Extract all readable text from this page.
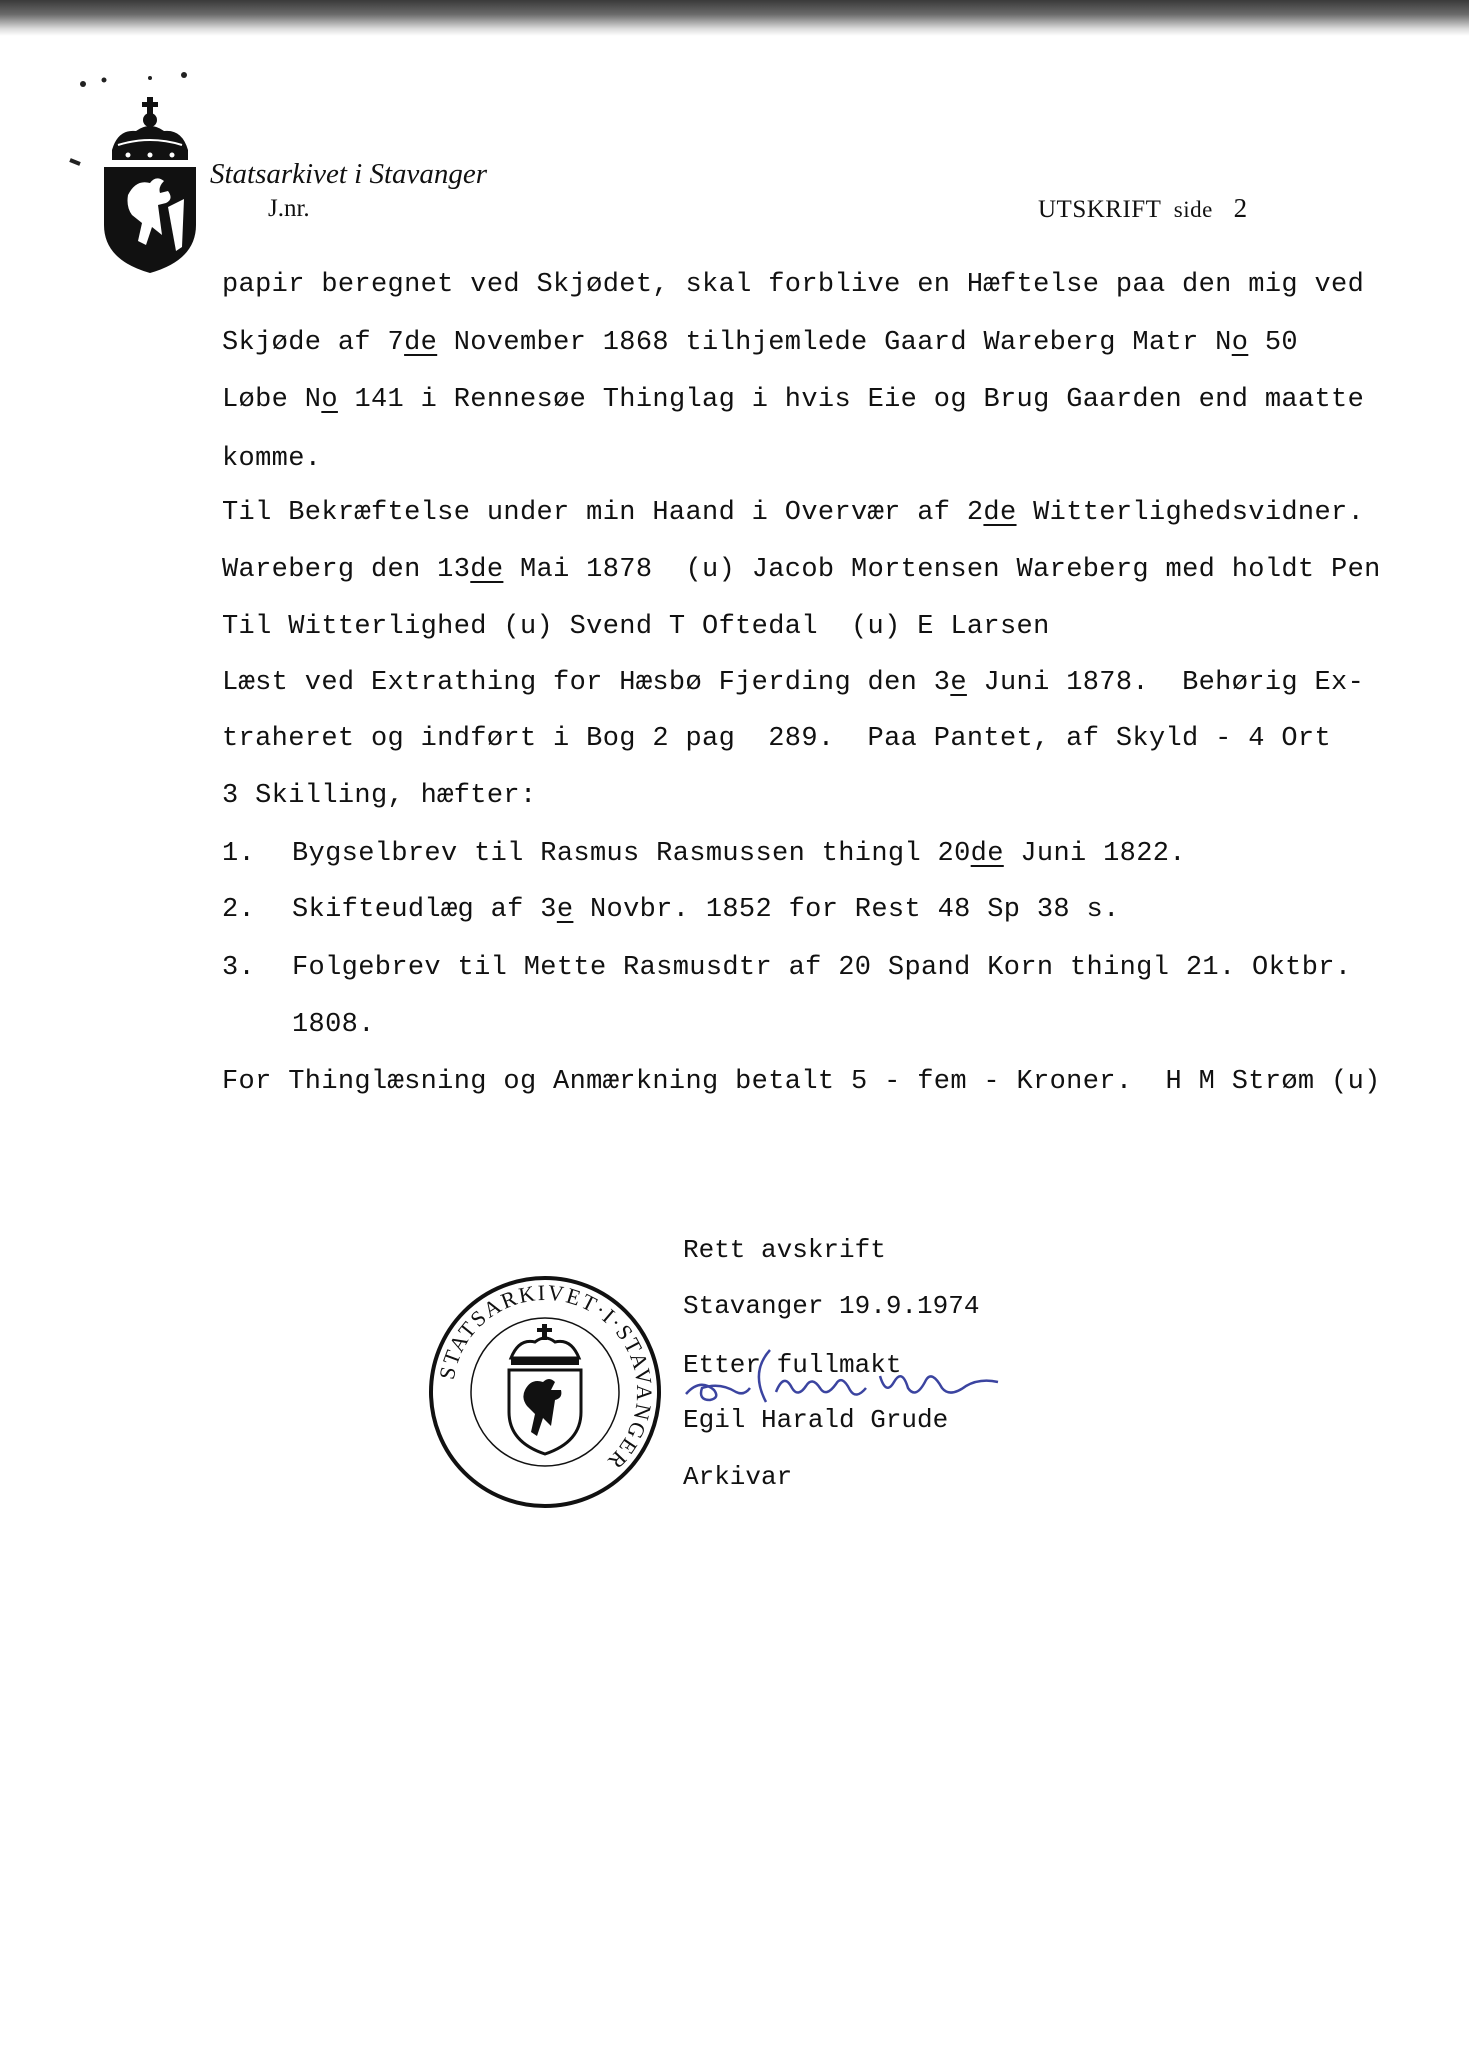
Statsarkivet i Stavanger
J.nr.	UTSKRIFT side 2
papir beregnet ved Skjødet, skal forblive en Hæftelse paa den mig ved
Skjøde af 7de November 1868 tilhjemlede Gaard Wareberg Matr No 50
Løbe No 141 i Rennesøe Thinglag i hvis Eie og Brug Gaarden end maatte
komme.
Til Bekræftelse under min Haand i Overvær af 2de Witterlighedsvidner.
Wareberg den 13de Mai 1878  (u) Jacob Mortensen Wareberg med holdt Pen
Til Witterlighed (u) Svend T Oftedal  (u) E Larsen
Læst ved Extrathing for Hæsbø Fjerding den 3e Juni 1878.  Behørig Ex-
traheret og indført i Bog 2 pag  289.  Paa Pantet, af Skyld - 4 Ort
3 Skilling, hæfter:
1. Bygselbrev til Rasmus Rasmussen thingl 20de Juni 1822.
2. Skifteudlæg af 3e Novbr. 1852 for Rest 48 Sp 38 s.
3. Folgebrev til Mette Rasmusdtr af 20 Spand Korn thingl 21. Oktbr.
1808.
For Thinglæsning og Anmærkning betalt 5 - fem - Kroner.  H M Strøm (u)
STATSARKIVET·I·STAVANGER
Rett avskrift
Stavanger 19.9.1974
Etter fullmakt
Egil Harald Grude
Arkivar
